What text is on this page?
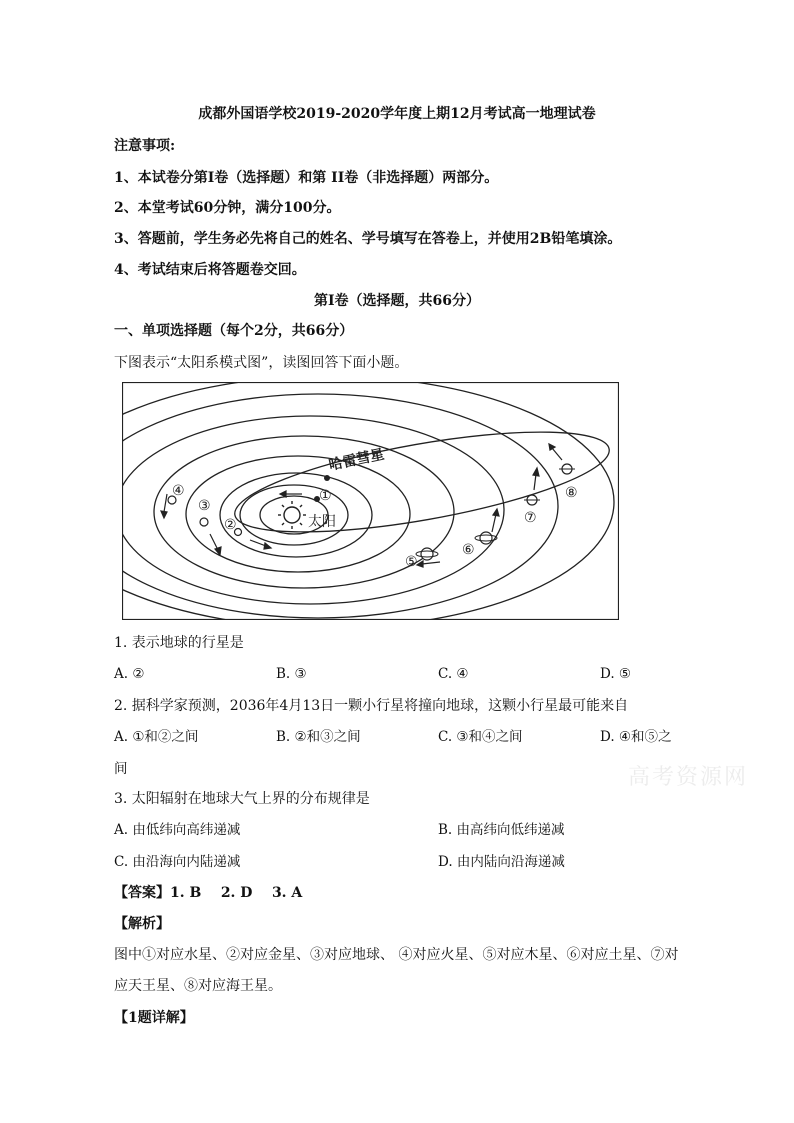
成都外国语学校2019-2020学年度上期12月考试高一地理试卷
注意事项:
1、本试卷分第Ⅰ卷（选择题）和第 II卷（非选择题）两部分。
2、本堂考试60分钟，满分100分。
3、答题前，学生务必先将自己的姓名、学号填写在答卷上，并使用2B铅笔填涂。
4、考试结束后将答题卷交回。
第Ⅰ卷（选择题，共66分）
一、单项选择题（每个2分，共66分）
下图表示“太阳系模式图”，读图回答下面小题。
太阳
哈雷彗星
①
②
③
④
⑤
⑥
⑦
⑧
1. 表示地球的行星是
A. ②	B. ③	C. ④	D. ⑤
2. 据科学家预测，2036年4月13日一颗小行星将撞向地球，这颗小行星最可能来自
A. ①和②之间	B. ②和③之间	C. ③和④之间	D. ④和⑤之
间
3. 太阳辐射在地球大气上界的分布规律是
A. 由低纬向高纬递减	B. 由高纬向低纬递减
C. 由沿海向内陆递减	D. 由内陆向沿海递减
【答案】1. B    2. D    3. A
【解析】
图中①对应水星、②对应金星、③对应地球、 ④对应火星、⑤对应木星、⑥对应土星、⑦对
应天王星、⑧对应海王星。
【1题详解】
高考资源网
